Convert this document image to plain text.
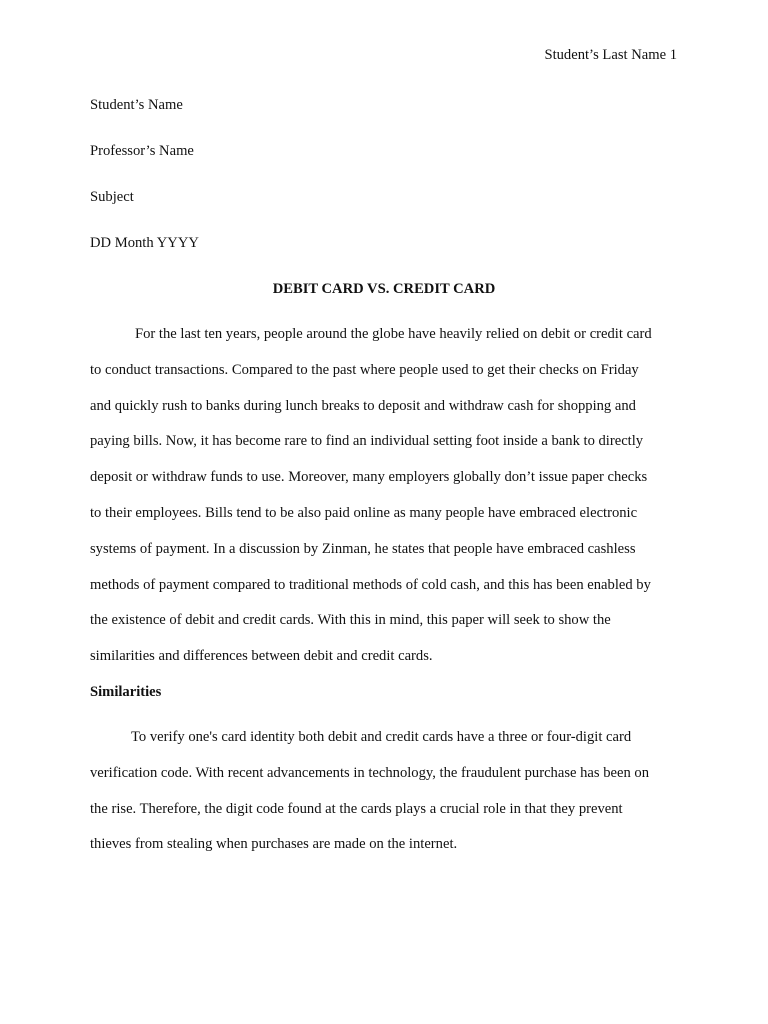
Student’s Last Name 1

Student’s Name

Professor’s Name

Subject

DD Month YYYY

DEBIT CARD VS. CREDIT CARD
For the last ten years, people around the globe have heavily relied on debit or credit card
to conduct transactions. Compared to the past where people used to get their checks on Friday
and quickly rush to banks during lunch breaks to deposit and withdraw cash for shopping and
paying bills. Now, it has become rare to find an individual setting foot inside a bank to directly
deposit or withdraw funds to use. Moreover, many employers globally don’t issue paper checks
to their employees. Bills tend to be also paid online as many people have embraced electronic
systems of payment. In a discussion by Zinman, he states that people have embraced cashless
methods of payment compared to traditional methods of cold cash, and this has been enabled by
the existence of debit and credit cards. With this in mind, this paper will seek to show the
similarities and differences between debit and credit cards.
Similarities
To verify one's card identity both debit and credit cards have a three or four-digit card
verification code. With recent advancements in technology, the fraudulent purchase has been on
the rise. Therefore, the digit code found at the cards plays a crucial role in that they prevent
thieves from stealing when purchases are made on the internet.
